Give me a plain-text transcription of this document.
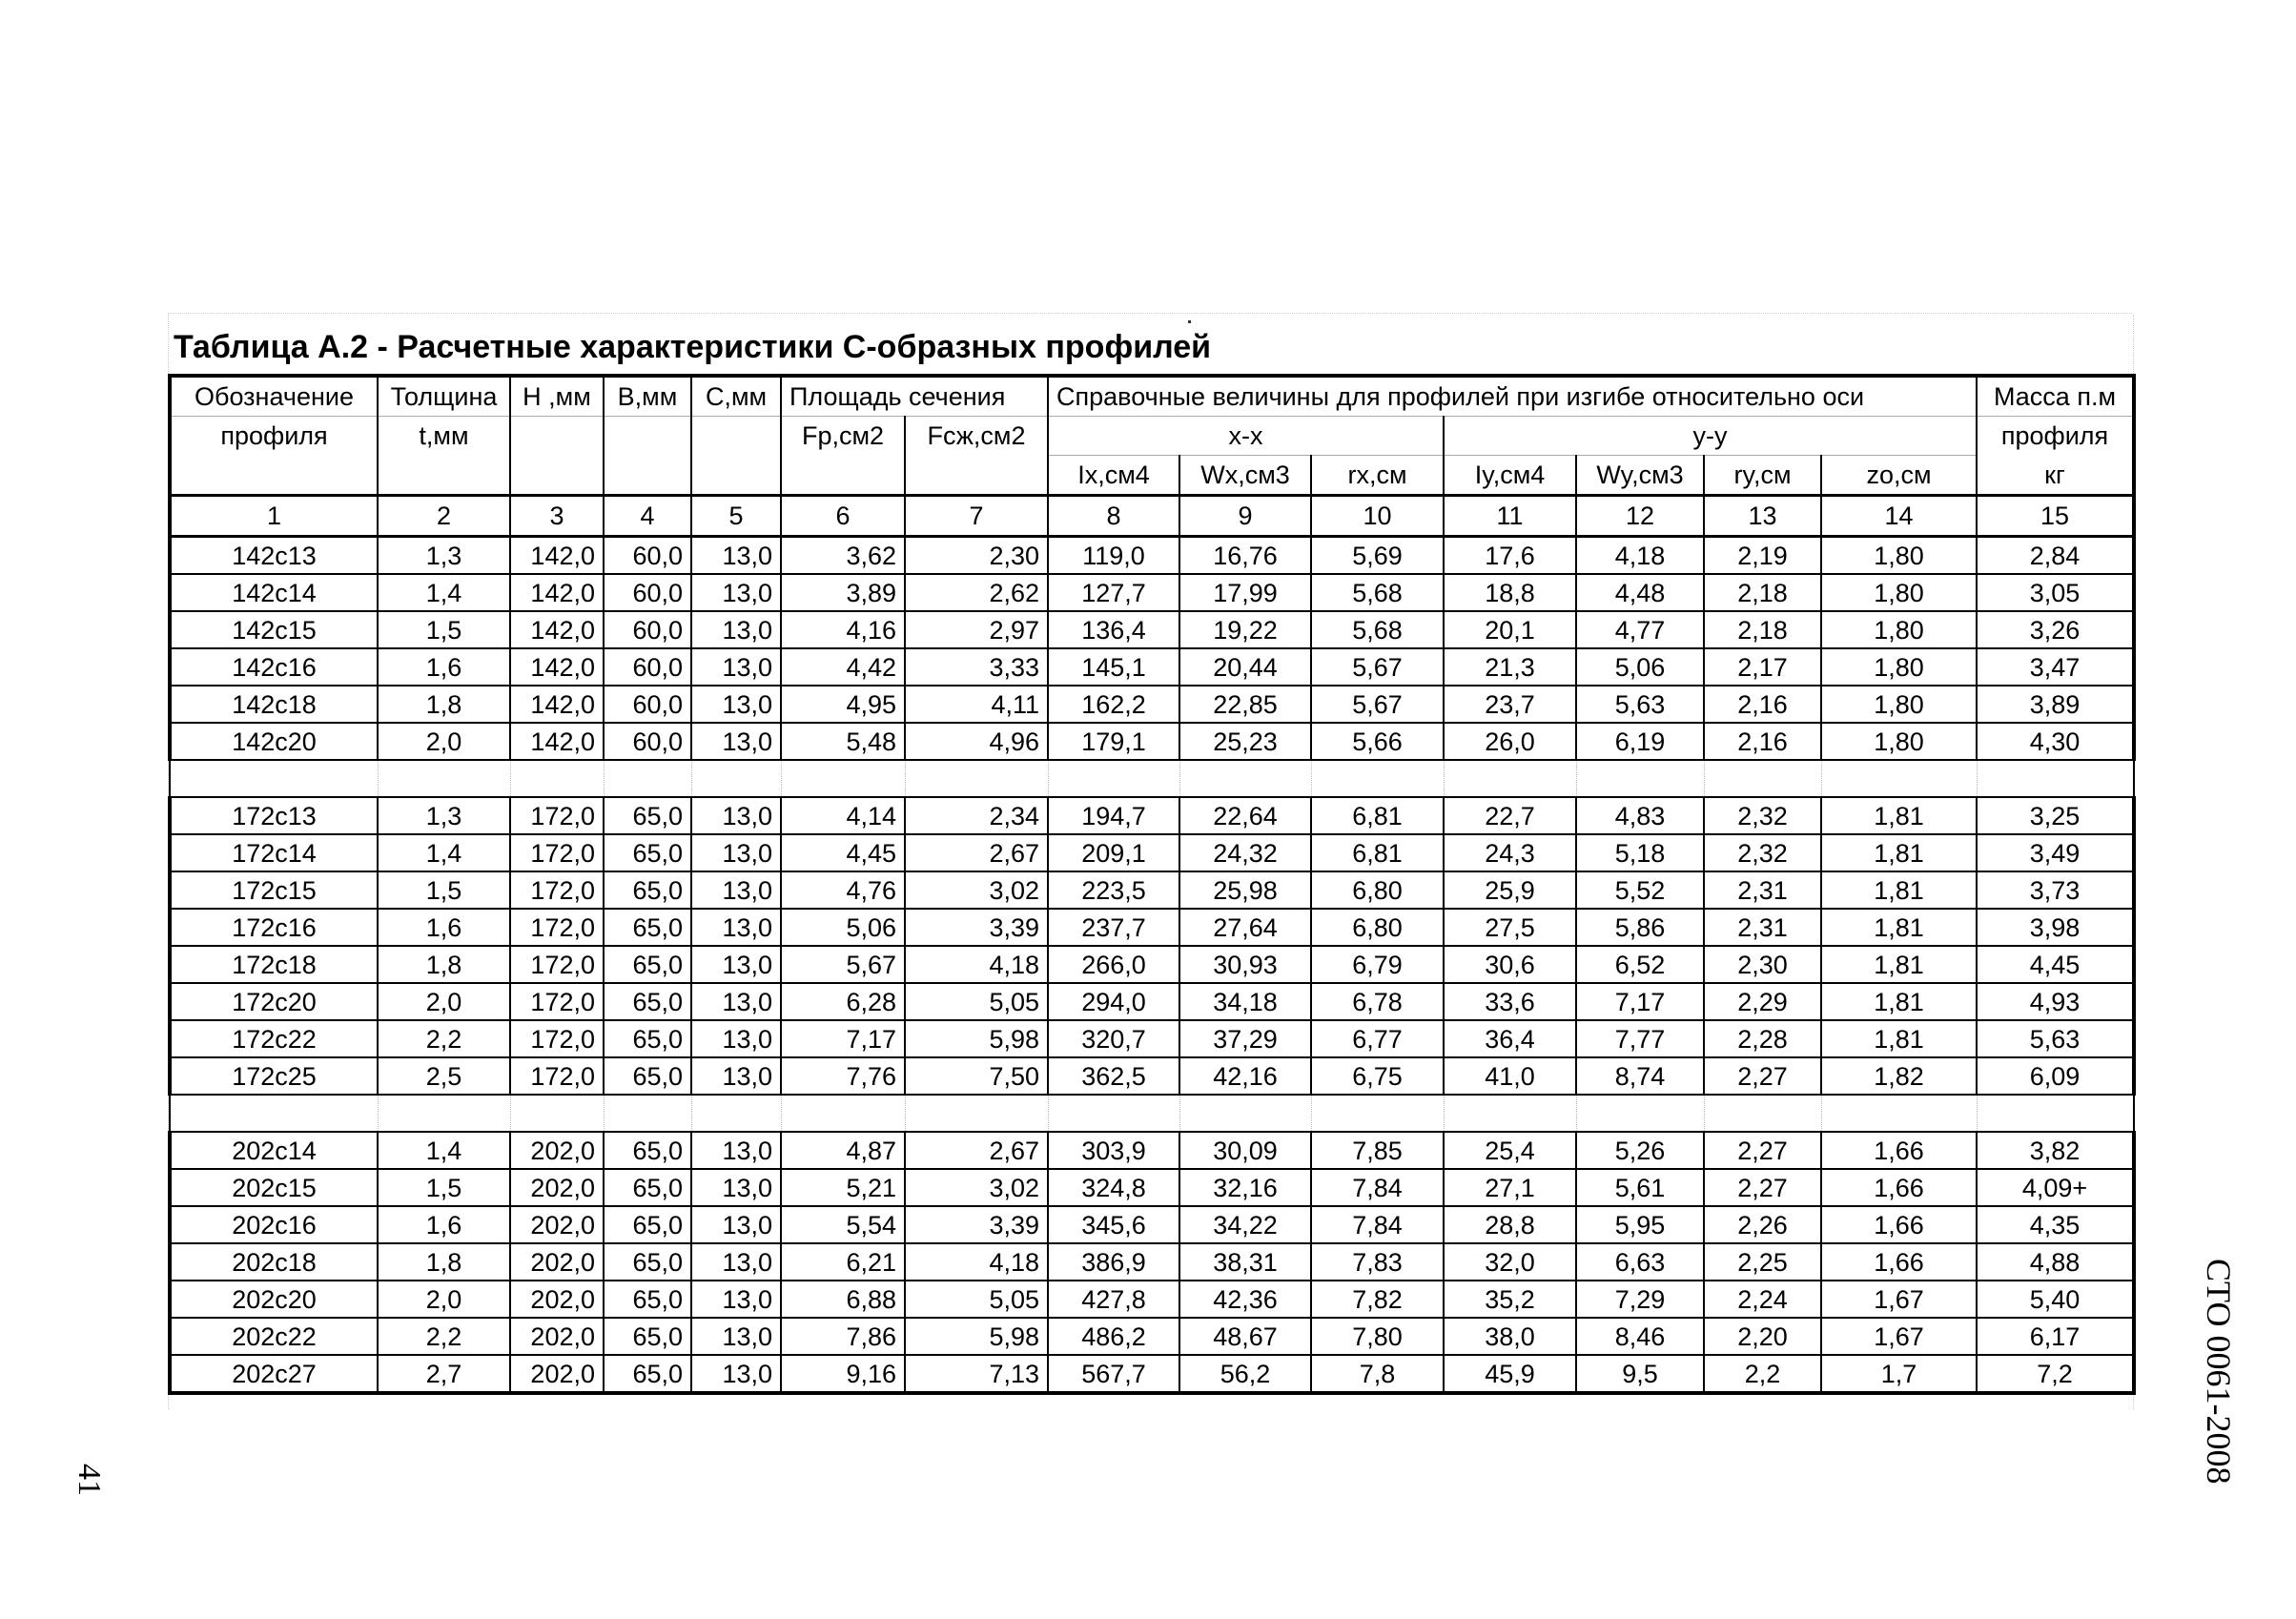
Таблица А.2 - Расчетные характеристики С-образных профилей
Обозначение	Толщина	Н ,мм	В,мм	С,мм	Площадь сечения		Справочные величины для профилей при изгибе относительно оси							Масса п.м
профиля	t,мм				Fр,см2	Fсж,см2	x-x			y-y				профиля
							Ix,см4	Wx,см3	rx,см	Iy,см4	Wy,см3	ry,см	zo,см	кг
1	2	3	4	5	6	7	8	9	10	11	12	13	14	15
142с13	1,3	142,0	60,0	13,0	3,62	2,30	119,0	16,76	5,69	17,6	4,18	2,19	1,80	2,84
142с14	1,4	142,0	60,0	13,0	3,89	2,62	127,7	17,99	5,68	18,8	4,48	2,18	1,80	3,05
142с15	1,5	142,0	60,0	13,0	4,16	2,97	136,4	19,22	5,68	20,1	4,77	2,18	1,80	3,26
142с16	1,6	142,0	60,0	13,0	4,42	3,33	145,1	20,44	5,67	21,3	5,06	2,17	1,80	3,47
142с18	1,8	142,0	60,0	13,0	4,95	4,11	162,2	22,85	5,67	23,7	5,63	2,16	1,80	3,89
142с20	2,0	142,0	60,0	13,0	5,48	4,96	179,1	25,23	5,66	26,0	6,19	2,16	1,80	4,30

172с13	1,3	172,0	65,0	13,0	4,14	2,34	194,7	22,64	6,81	22,7	4,83	2,32	1,81	3,25
172с14	1,4	172,0	65,0	13,0	4,45	2,67	209,1	24,32	6,81	24,3	5,18	2,32	1,81	3,49
172с15	1,5	172,0	65,0	13,0	4,76	3,02	223,5	25,98	6,80	25,9	5,52	2,31	1,81	3,73
172с16	1,6	172,0	65,0	13,0	5,06	3,39	237,7	27,64	6,80	27,5	5,86	2,31	1,81	3,98
172с18	1,8	172,0	65,0	13,0	5,67	4,18	266,0	30,93	6,79	30,6	6,52	2,30	1,81	4,45
172с20	2,0	172,0	65,0	13,0	6,28	5,05	294,0	34,18	6,78	33,6	7,17	2,29	1,81	4,93
172с22	2,2	172,0	65,0	13,0	7,17	5,98	320,7	37,29	6,77	36,4	7,77	2,28	1,81	5,63
172с25	2,5	172,0	65,0	13,0	7,76	7,50	362,5	42,16	6,75	41,0	8,74	2,27	1,82	6,09

202с14	1,4	202,0	65,0	13,0	4,87	2,67	303,9	30,09	7,85	25,4	5,26	2,27	1,66	3,82
202с15	1,5	202,0	65,0	13,0	5,21	3,02	324,8	32,16	7,84	27,1	5,61	2,27	1,66	4,09+
202с16	1,6	202,0	65,0	13,0	5,54	3,39	345,6	34,22	7,84	28,8	5,95	2,26	1,66	4,35
202с18	1,8	202,0	65,0	13,0	6,21	4,18	386,9	38,31	7,83	32,0	6,63	2,25	1,66	4,88
202с20	2,0	202,0	65,0	13,0	6,88	5,05	427,8	42,36	7,82	35,2	7,29	2,24	1,67	5,40
202с22	2,2	202,0	65,0	13,0	7,86	5,98	486,2	48,67	7,80	38,0	8,46	2,20	1,67	6,17
202с27	2,7	202,0	65,0	13,0	9,16	7,13	567,7	56,2	7,8	45,9	9,5	2,2	1,7	7,2
41	СТО 0061-2008
